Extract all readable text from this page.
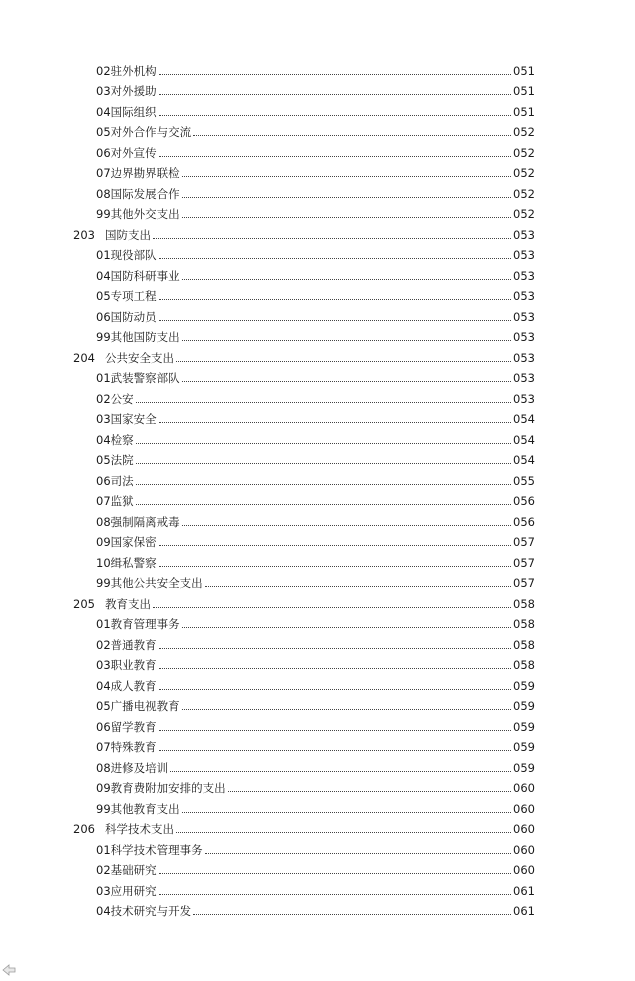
02驻外机构	051
03对外援助	051
04国际组织	051
05对外合作与交流	052
06对外宣传	052
07边界勘界联检	052
08国际发展合作	052
99其他外交支出	052
203 国防支出	053
01现役部队	053
04国防科研事业	053
05专项工程	053
06国防动员	053
99其他国防支出	053
204 公共安全支出	053
01武装警察部队	053
02公安	053
03国家安全	054
04检察	054
05法院	054
06司法	055
07监狱	056
08强制隔离戒毒	056
09国家保密	057
10缉私警察	057
99其他公共安全支出	057
205 教育支出	058
01教育管理事务	058
02普通教育	058
03职业教育	058
04成人教育	059
05广播电视教育	059
06留学教育	059
07特殊教育	059
08进修及培训	059
09教育费附加安排的支出	060
99其他教育支出	060
206 科学技术支出	060
01科学技术管理事务	060
02基础研究	060
03应用研究	061
04技术研究与开发	061
